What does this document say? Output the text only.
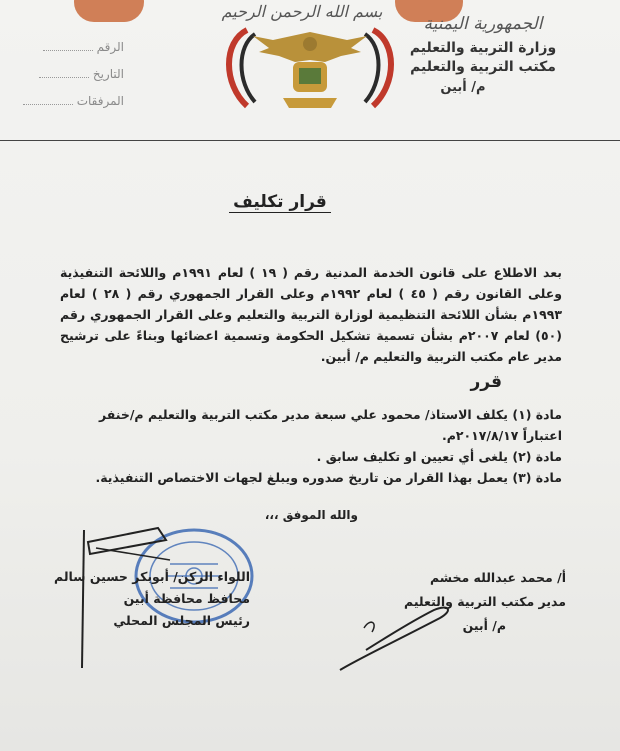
بسم الله الرحمن الرحيم
الجمهورية اليمنية
وزارة التربية والتعليم
مكتب التربية والتعليم
م/ أبين
الرقم
التاريخ
المرفقات
قرار تكليف
بعد الاطلاع على قانون الخدمة المدنية رقم ( ١٩ ) لعام ١٩٩١م واللائحة التنفيذية وعلى القانون رقم ( ٤٥ ) لعام ١٩٩٢م وعلى القرار الجمهوري رقم ( ٢٨ ) لعام ١٩٩٣م بشأن اللائحة التنظيمية لوزارة التربية والتعليم وعلى القرار الجمهوري رقم (٥٠) لعام ٢٠٠٧م بشأن تسمية تشكيل الحكومة وتسمية اعضائها وبناءً على ترشيح مدير عام مكتب التربية والتعليم م/ أبين.
قرر
مادة (١) يكلف الاستاذ/ محمود علي سبعة مدير مكتب التربية والتعليم م/خنفر
اعتباراً ٢٠١٧/٨/١٧م.
مادة (٢) يلغى أي تعيين او تكليف سابق .
مادة (٣) يعمل بهذا القرار من تاريخ صدوره ويبلغ لجهات الاختصاص التنفيذية.
والله الموفق ،،،
أ/ محمد عبدالله مخشم
مدير مكتب التربية والتعليم
م/ أبين
اللواء الركن/ أبوبكر حسين سالم
محافظ محافظة أبين
رئيس المجلس المحلي
